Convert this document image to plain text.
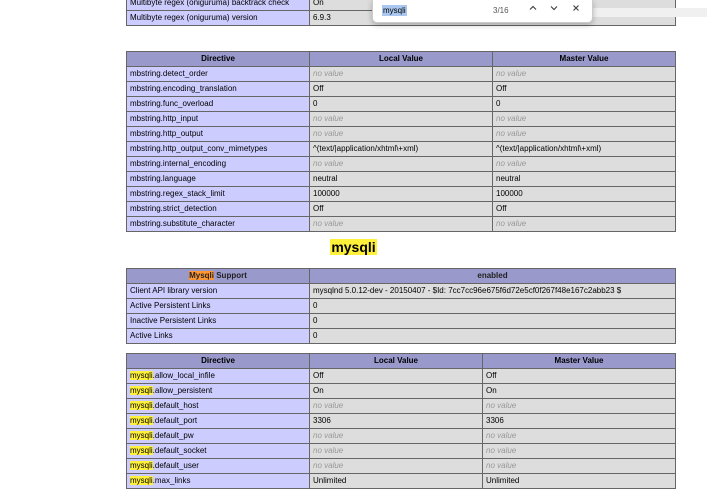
Multibyte regex (oniguruma) backtrack check	On
Multibyte regex (oniguruma) version	6.9.3
Directive	Local Value	Master Value
mbstring.detect_order	no value	no value
mbstring.encoding_translation	Off	Off
mbstring.func_overload	0	0
mbstring.http_input	no value	no value
mbstring.http_output	no value	no value
mbstring.http_output_conv_mimetypes	^(text/|application/xhtml\+xml)	^(text/|application/xhtml\+xml)
mbstring.internal_encoding	no value	no value
mbstring.language	neutral	neutral
mbstring.regex_stack_limit	100000	100000
mbstring.strict_detection	Off	Off
mbstring.substitute_character	no value	no value
mysqli
Mysqli Support	enabled
Client API library version	mysqlnd 5.0.12-dev - 20150407 - $Id: 7cc7cc96e675f6d72e5cf0f267f48e167c2abb23 $
Active Persistent Links	0
Inactive Persistent Links	0
Active Links	0
Directive	Local Value	Master Value
mysqli.allow_local_infile	Off	Off
mysqli.allow_persistent	On	On
mysqli.default_host	no value	no value
mysqli.default_port	3306	3306
mysqli.default_pw	no value	no value
mysqli.default_socket	no value	no value
mysqli.default_user	no value	no value
mysqli.max_links	Unlimited	Unlimited
mysqli	3/16
